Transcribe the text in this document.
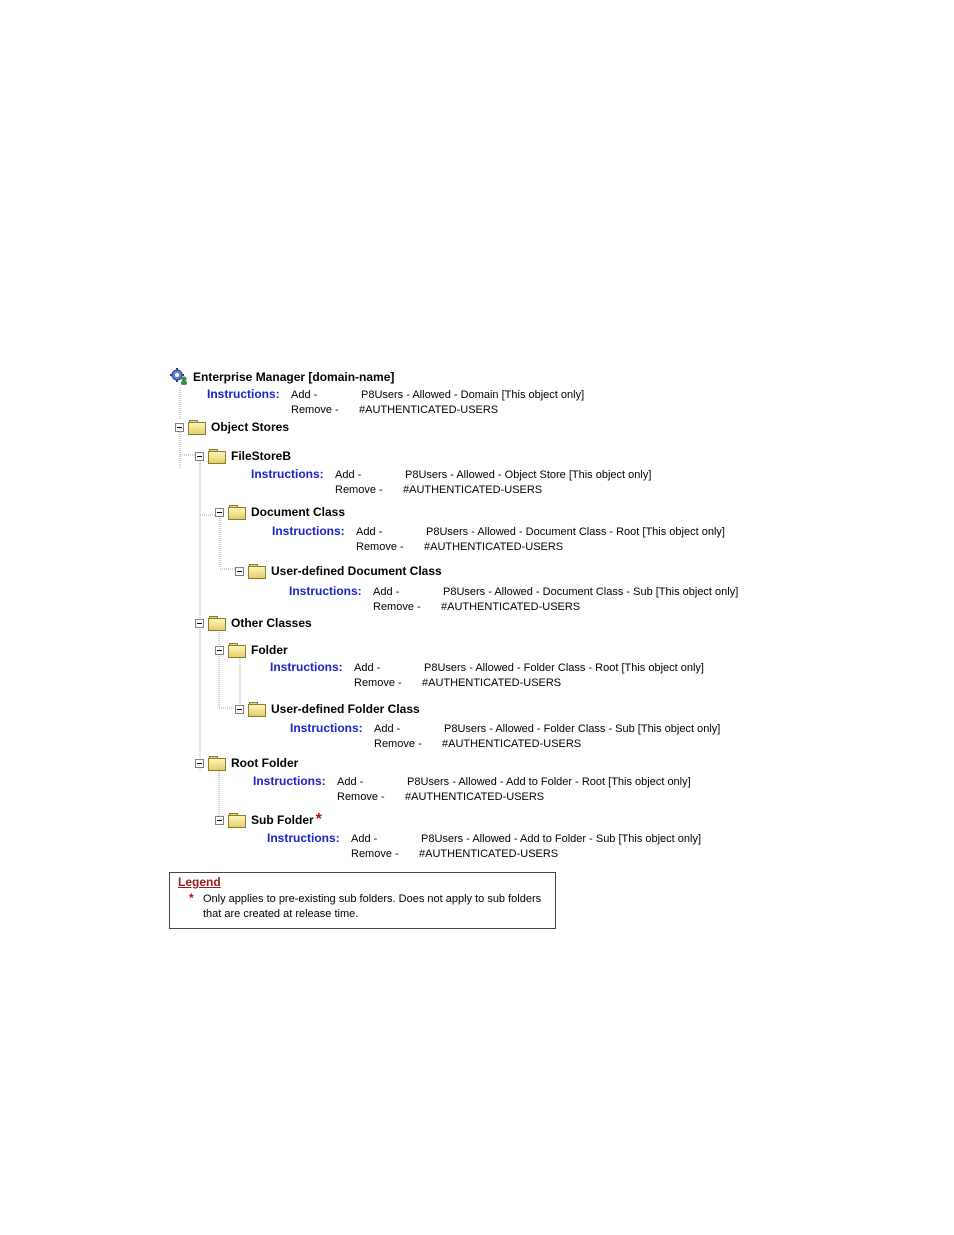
Enterprise Manager [domain-name]
Instructions: Add -	P8Users - Allowed - Domain [This object only]
Remove - #AUTHENTICATED-USERS
Object Stores
FileStoreB
Instructions: Add -	P8Users - Allowed - Object Store [This object only]
Remove - #AUTHENTICATED-USERS
Document Class
Instructions: Add -	P8Users - Allowed - Document Class - Root [This object only]
Remove - #AUTHENTICATED-USERS
User-defined Document Class
Instructions: Add -	P8Users - Allowed - Document Class - Sub [This object only]
Remove - #AUTHENTICATED-USERS
Other Classes
Folder
Instructions: Add -	P8Users - Allowed - Folder Class - Root [This object only]
Remove - #AUTHENTICATED-USERS
User-defined Folder Class
Instructions: Add -	P8Users - Allowed - Folder Class - Sub [This object only]
Remove - #AUTHENTICATED-USERS
Root Folder
Instructions: Add -	P8Users - Allowed - Add to Folder - Root [This object only]
Remove - #AUTHENTICATED-USERS
Sub Folder *
Instructions: Add -	P8Users - Allowed - Add to Folder - Sub [This object only]
Remove - #AUTHENTICATED-USERS
Legend
* Only applies to pre-existing sub folders. Does not apply to sub folders that are created at release time.
